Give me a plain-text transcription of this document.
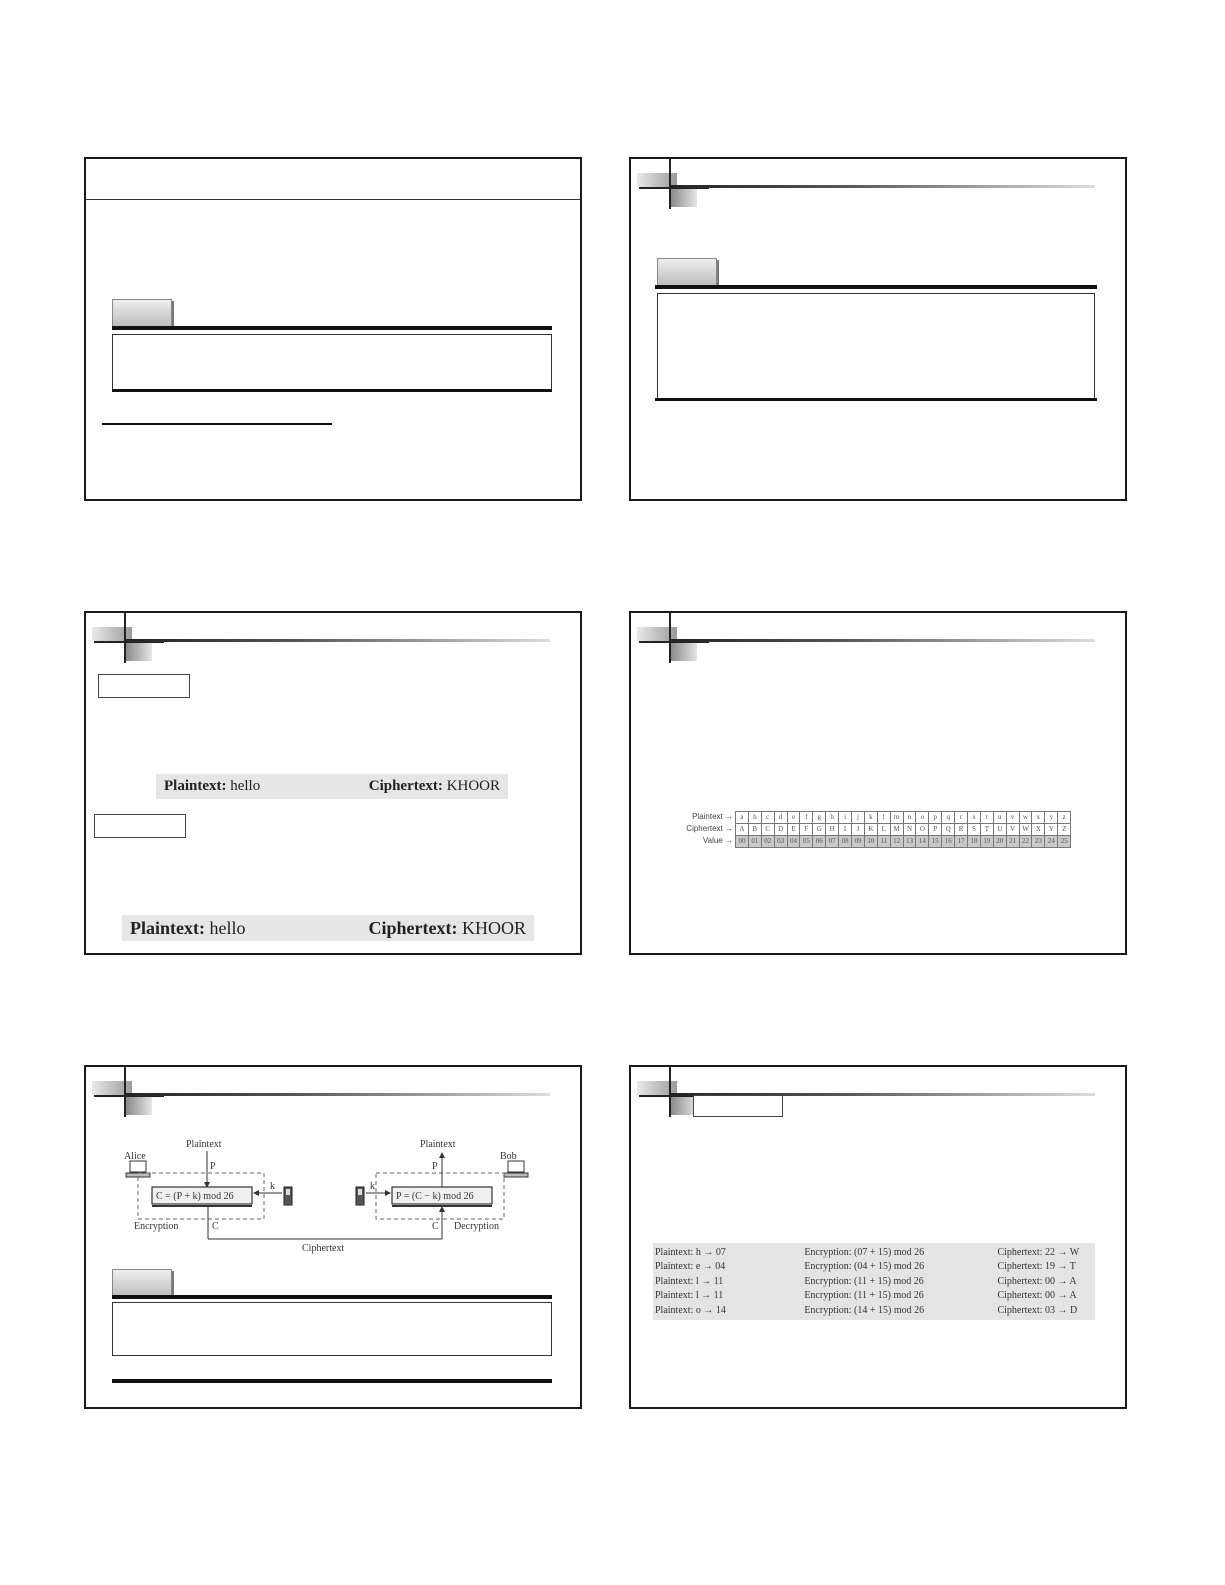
Plaintext: hello	Ciphertext: KHOOR
Plaintext: hello	Ciphertext: KHOOR
Plaintext →	a	b	c	d	e	f	g	h	i	j	k	l	m	n	o	p	q	r	s	t	u	v	w	x	y	z
Ciphertext → A	B	C	D	E	F	G	H	I	J	K	L	M	N	O	P	Q	R	S	T	U	V	W	X	Y	Z
Value → 00 01 02 03 04 05 06 07 08 09 10 11 12 13 14 15 16 17 18 19 20 21 22 23 24 25
Alice	Bob
Plaintext
P
Plaintext
P
C = (P + k) mod 26	P = (C − k) mod 26
k	k
C	C
Encryption	Decryption
Ciphertext	Plaintext: h → 07	Encryption: (07 + 15) mod 26	Ciphertext: 22 → W
Plaintext: e → 04	Encryption: (04 + 15) mod 26	Ciphertext: 19 → T
Plaintext: l → 11	Encryption: (11 + 15) mod 26	Ciphertext: 00 → A
Plaintext: l → 11	Encryption: (11 + 15) mod 26	Ciphertext: 00 → A
Plaintext: o → 14	Encryption: (14 + 15) mod 26	Ciphertext: 03 → D
